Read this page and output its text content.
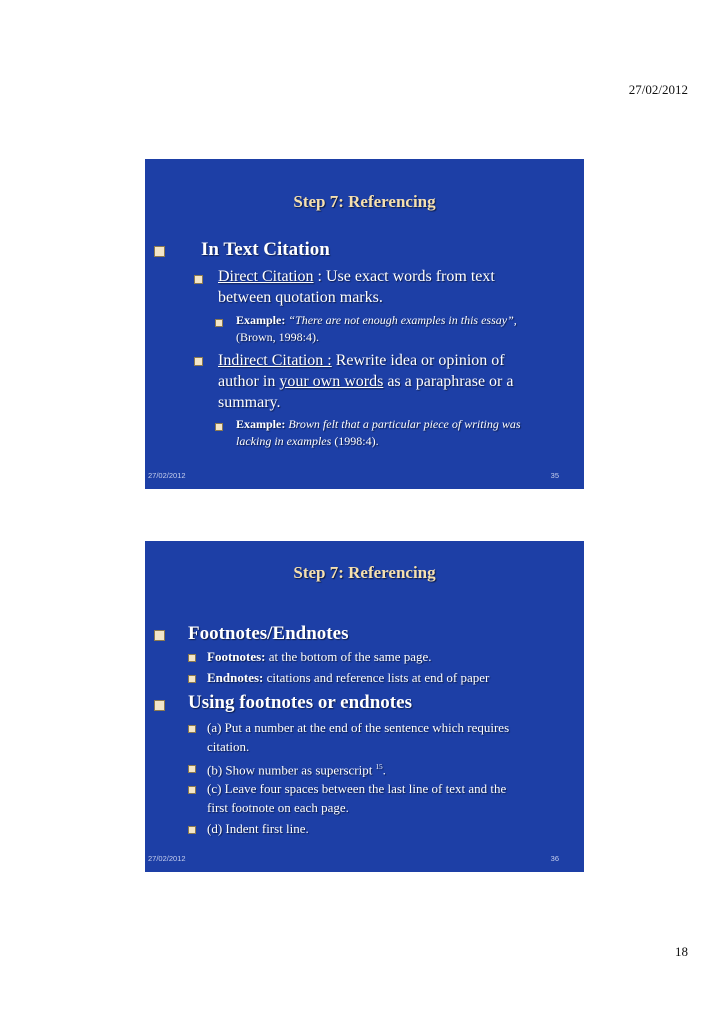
27/02/2012
Step 7: Referencing
In Text Citation
Direct Citation : Use exact words from text
between quotation marks.
Example: “There are not enough examples in this essay”,
(Brown, 1998:4).
Indirect Citation : Rewrite idea or opinion of
author in your own words as a paraphrase or a
summary.
Example: Brown felt that a particular piece of writing was
lacking in examples (1998:4).
27/02/2012	35
Step 7: Referencing
Footnotes/Endnotes
Footnotes: at the bottom of the same page.
Endnotes: citations and reference lists at end of paper
Using footnotes or endnotes
(a) Put a number at the end of the sentence which requires
citation.
(b) Show number as superscript $^{15}$.
(c) Leave four spaces between the last line of text and the
first footnote on each page.
(d) Indent first line.
27/02/2012	36
18
